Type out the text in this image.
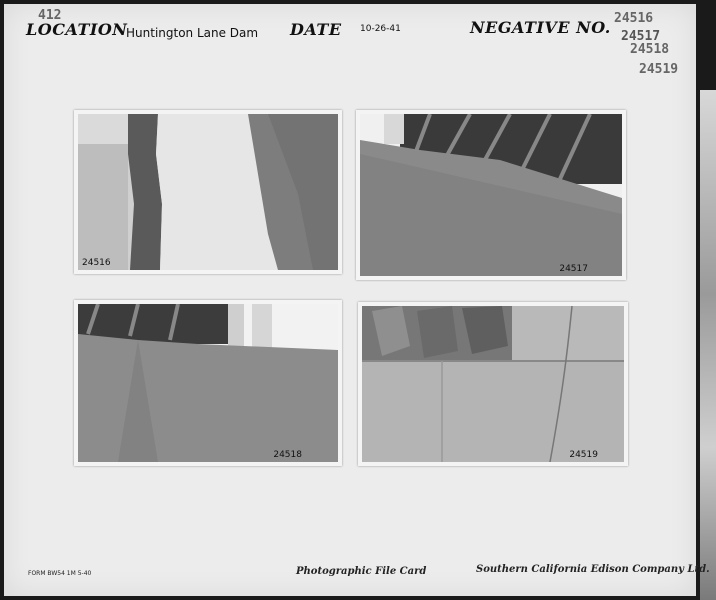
412
LOCATION
Huntington Lane Dam DATE 10-26-41	NEGATIVE NO. 24516
24517
24518
24519
24516
24517
24518	24519
FORM BW54 1M 5-40	Photographic File Card	Southern California Edison Company Ltd.
